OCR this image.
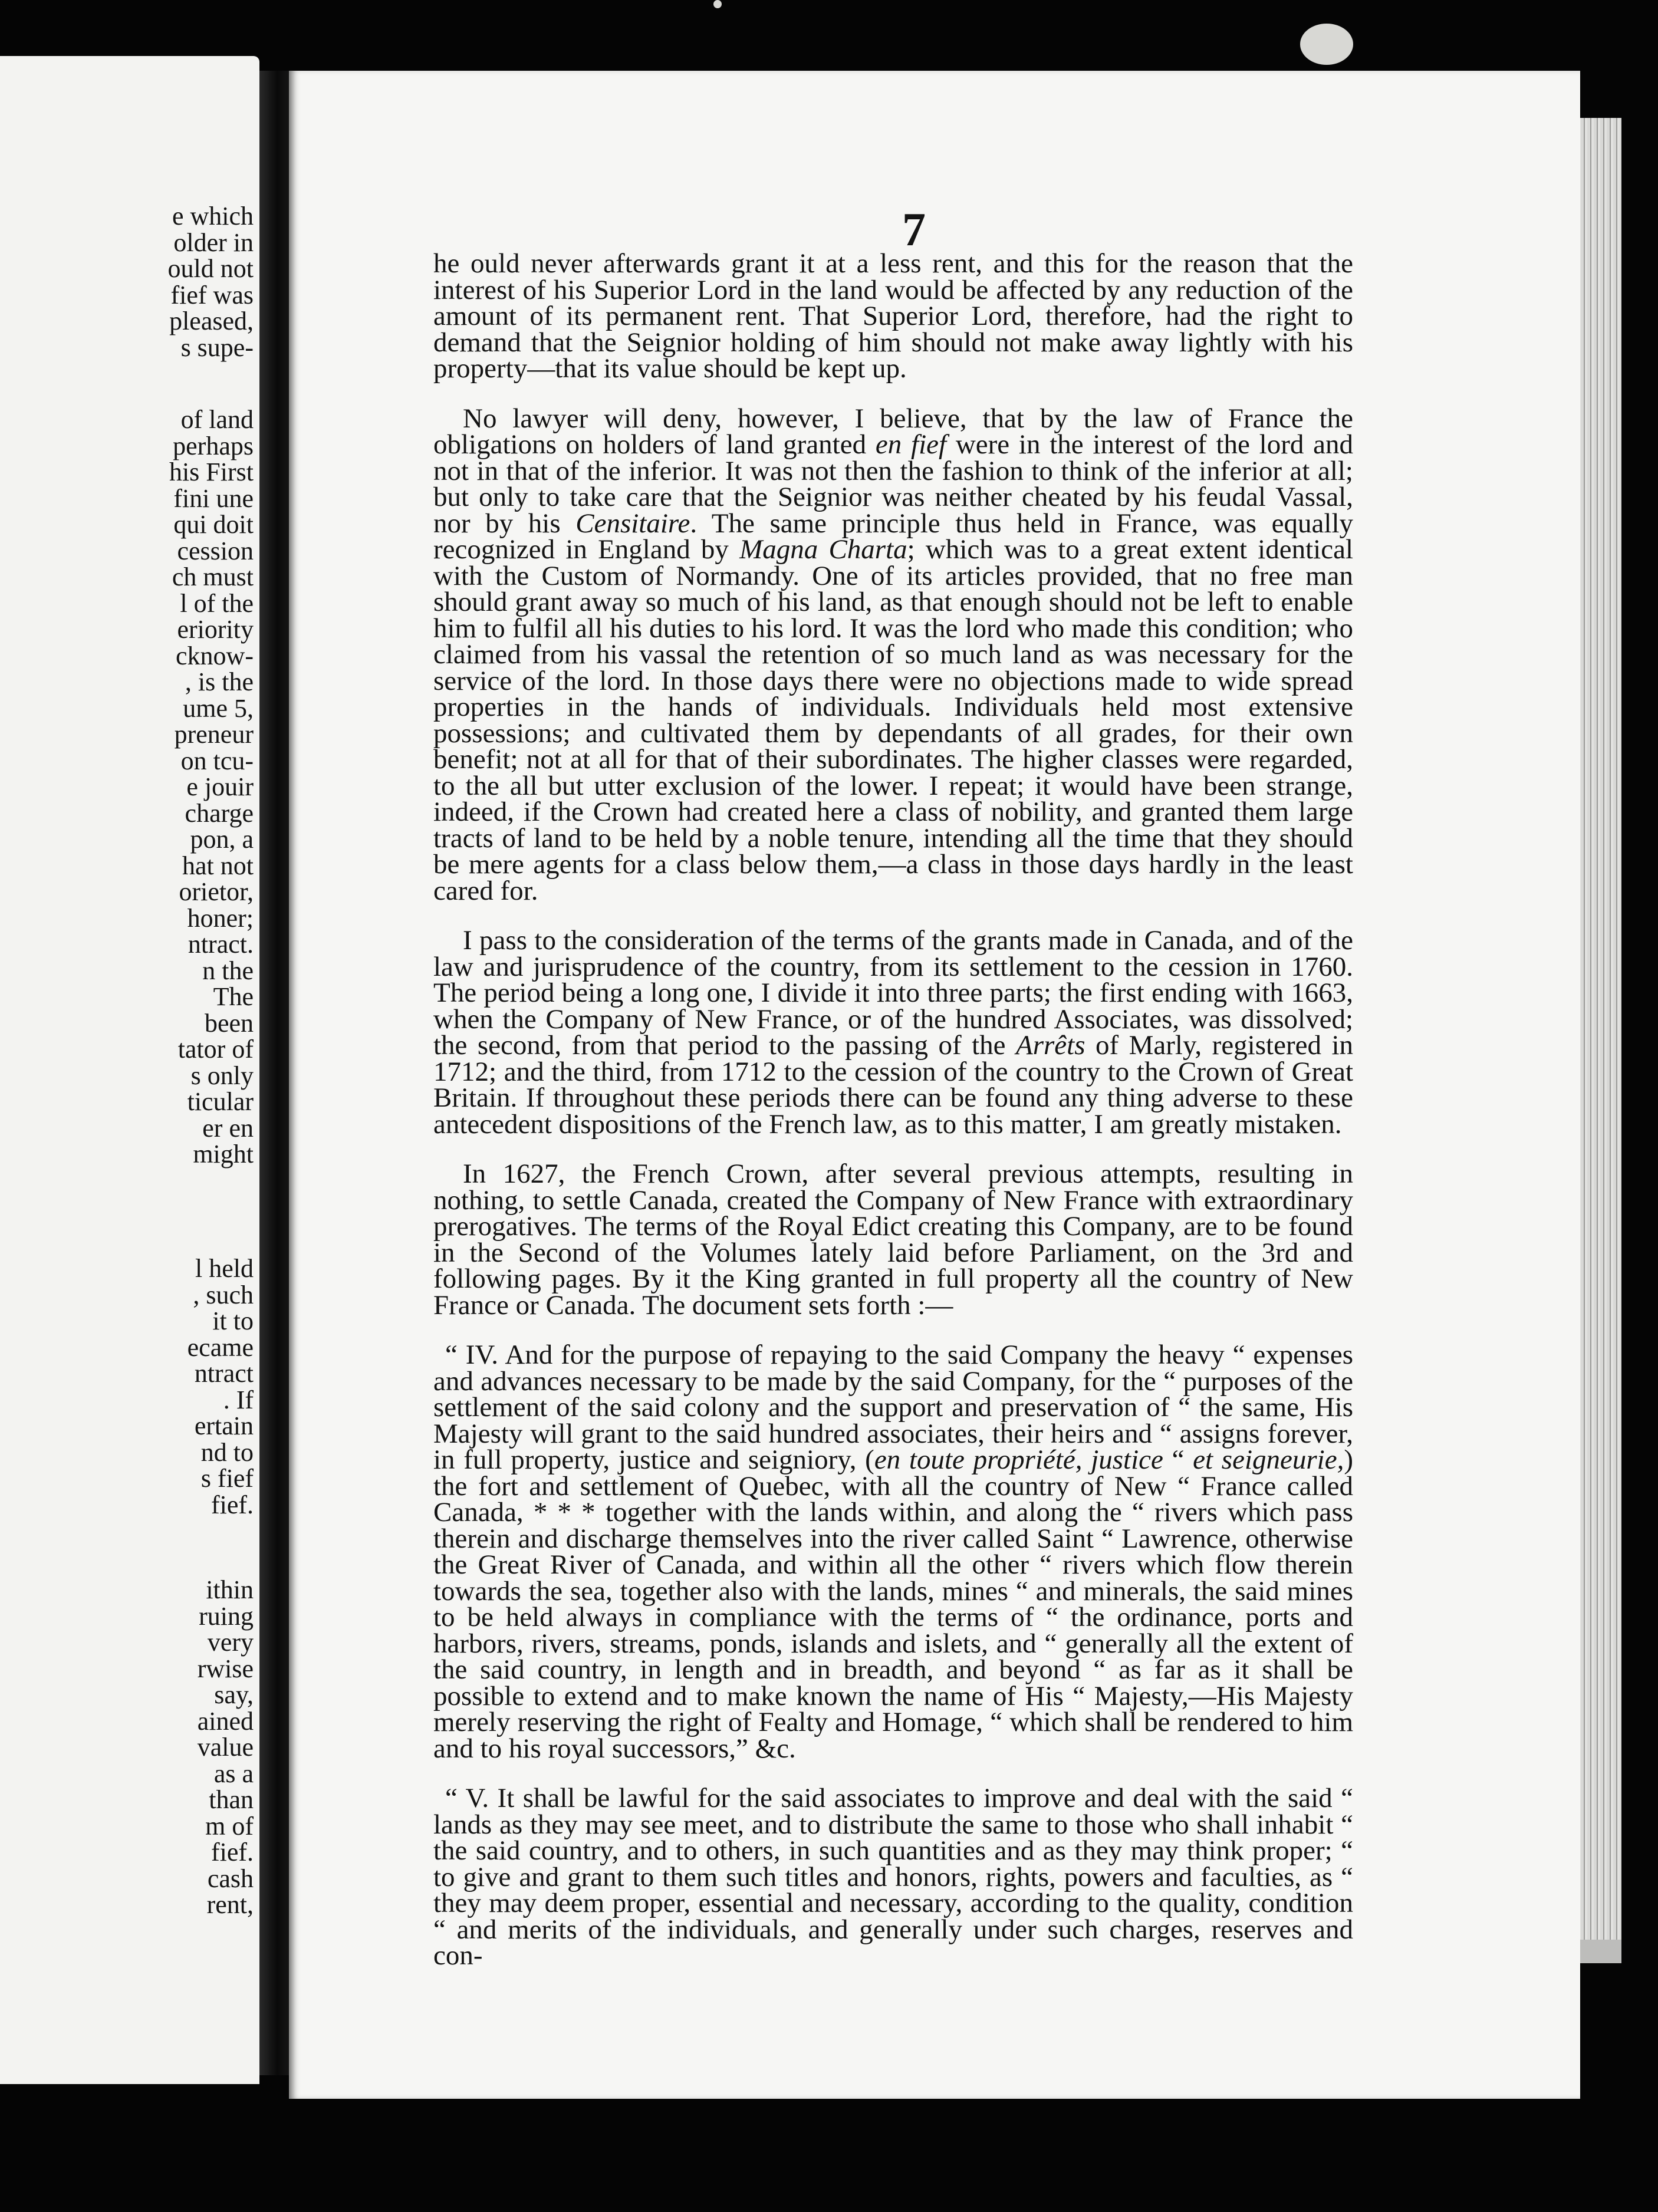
e which
older in
ould not
fief was
pleased,
s supe-
of land
perhaps
his First
fini une
qui doit
cession
ch must
l of the
eriority
cknow-
, is the
ume 5,
preneur
on tcu-
e jouir
charge
pon, a
hat not
orietor,
honer;
ntract.
n the
The
been
tator of
s only
ticular
er en
might
l held
, such
it to
ecame
ntract
. If
ertain
nd to
s fief
fief.
ithin
ruing
very
rwise
say,
ained
value
as a
than
m of
fief.
cash
rent,
7

he ould never afterwards grant it at a less rent, and this for the reason that the interest of his Superior Lord in the land would be affected by any reduction of the amount of its permanent rent. That Superior Lord, therefore, had the right to demand that the Seignior holding of him should not make away lightly with his property—that its value should be kept up.

No lawyer will deny, however, I believe, that by the law of France the obligations on holders of land granted en fief were in the interest of the lord and not in that of the inferior. It was not then the fashion to think of the inferior at all; but only to take care that the Seignior was neither cheated by his feudal Vassal, nor by his Censitaire. The same principle thus held in France, was equally recognized in England by Magna Charta; which was to a great extent identical with the Custom of Normandy. One of its articles provided, that no free man should grant away so much of his land, as that enough should not be left to enable him to fulfil all his duties to his lord. It was the lord who made this condition; who claimed from his vassal the retention of so much land as was necessary for the service of the lord. In those days there were no objections made to wide spread properties in the hands of individuals. Individuals held most extensive possessions; and cultivated them by dependants of all grades, for their own benefit; not at all for that of their subordinates. The higher classes were regarded, to the all but utter exclusion of the lower. I repeat; it would have been strange, indeed, if the Crown had created here a class of nobility, and granted them large tracts of land to be held by a noble tenure, intending all the time that they should be mere agents for a class below them,—a class in those days hardly in the least cared for.

I pass to the consideration of the terms of the grants made in Canada, and of the law and jurisprudence of the country, from its settlement to the cession in 1760. The period being a long one, I divide it into three parts; the first ending with 1663, when the Company of New France, or of the hundred Associates, was dissolved; the second, from that period to the passing of the Arrêts of Marly, registered in 1712; and the third, from 1712 to the cession of the country to the Crown of Great Britain. If throughout these periods there can be found any thing adverse to these antecedent dispositions of the French law, as to this matter, I am greatly mistaken.

In 1627, the French Crown, after several previous attempts, resulting in nothing, to settle Canada, created the Company of New France with extraordinary prerogatives. The terms of the Royal Edict creating this Company, are to be found in the Second of the Volumes lately laid before Parliament, on the 3rd and following pages. By it the King granted in full property all the country of New France or Canada. The document sets forth :—

“ IV. And for the purpose of repaying to the said Company the heavy “ expenses and advances necessary to be made by the said Company, for the “ purposes of the settlement of the said colony and the support and preservation of “ the same, His Majesty will grant to the said hundred associates, their heirs and “ assigns forever, in full property, justice and seigniory, (en toute propriété, justice “ et seigneurie,) the fort and settlement of Quebec, with all the country of New “ France called Canada, * * * together with the lands within, and along the “ rivers which pass therein and discharge themselves into the river called Saint “ Lawrence, otherwise the Great River of Canada, and within all the other “ rivers which flow therein towards the sea, together also with the lands, mines “ and minerals, the said mines to be held always in compliance with the terms of “ the ordinance, ports and harbors, rivers, streams, ponds, islands and islets, and “ generally all the extent of the said country, in length and in breadth, and beyond “ as far as it shall be possible to extend and to make known the name of His “ Majesty,—His Majesty merely reserving the right of Fealty and Homage, “ which shall be rendered to him and to his royal successors,” &c.

“ V. It shall be lawful for the said associates to improve and deal with the said “ lands as they may see meet, and to distribute the same to those who shall inhabit “ the said country, and to others, in such quantities and as they may think proper; “ to give and grant to them such titles and honors, rights, powers and faculties, as “ they may deem proper, essential and necessary, according to the quality, condition “ and merits of the individuals, and generally under such charges, reserves and con-
